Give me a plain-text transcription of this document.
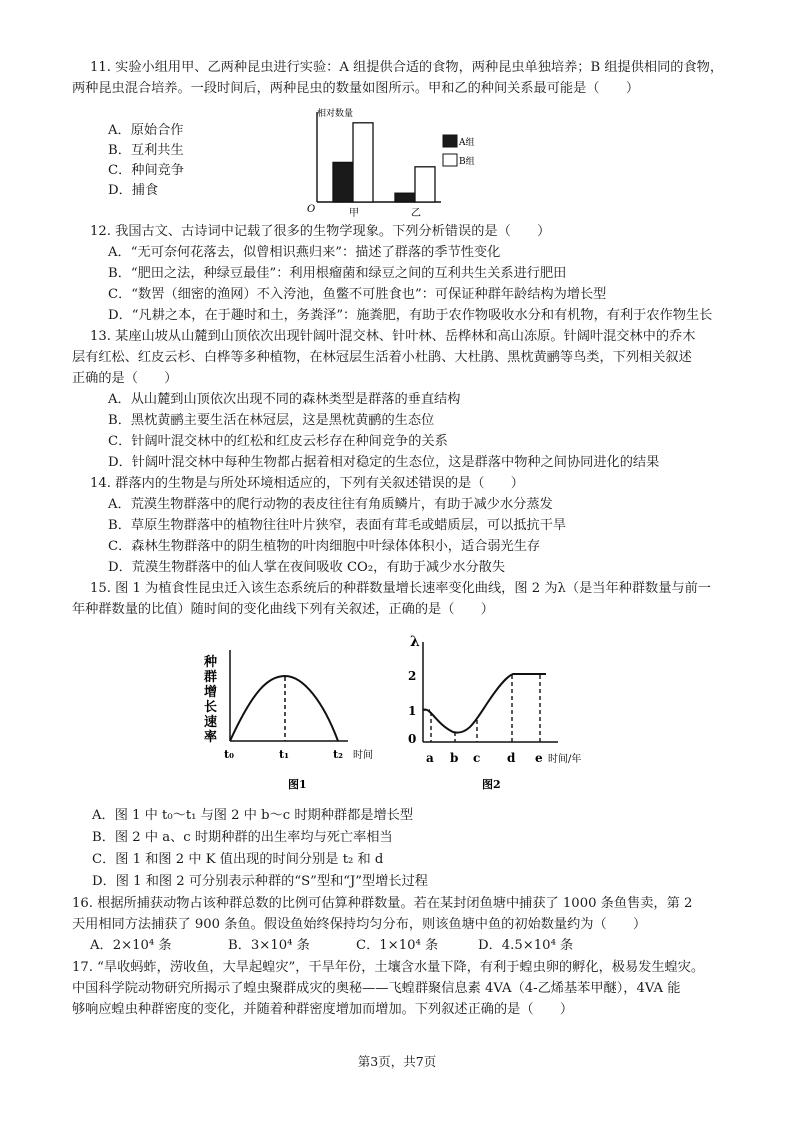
11. 实验小组用甲、乙两种昆虫进行实验：A 组提供合适的食物，两种昆虫单独培养；B 组提供相同的食物，
两种昆虫混合培养。一段时间后，两种昆虫的数量如图所示。甲和乙的种间关系最可能是（　　）
A．原始合作
B．互利共生
C．种间竞争
D．捕食
相对数量
O
A组
B组
甲	乙
12. 我国古文、古诗词中记载了很多的生物学现象。下列分析错误的是（　　）
A．“无可奈何花落去，似曾相识燕归来”：描述了群落的季节性变化
B．“肥田之法，种绿豆最佳”：利用根瘤菌和绿豆之间的互利共生关系进行肥田
C．“数罟（细密的渔网）不入洿池，鱼鳖不可胜食也”：可保证种群年龄结构为增长型
D．“凡耕之本，在于趣时和土，务粪泽”：施粪肥，有助于农作物吸收水分和有机物，有利于农作物生长
13. 某座山坡从山麓到山顶依次出现针阔叶混交林、针叶林、岳桦林和高山冻原。针阔叶混交林中的乔木
层有红松、红皮云杉、白桦等多种植物，在林冠层生活着小杜鹃、大杜鹃、黑枕黄鹂等鸟类，下列相关叙述
正确的是（　　）
A．从山麓到山顶依次出现不同的森林类型是群落的垂直结构
B．黑枕黄鹂主要生活在林冠层，这是黑枕黄鹂的生态位
C．针阔叶混交林中的红松和红皮云杉存在种间竞争的关系
D．针阔叶混交林中每种生物都占据着相对稳定的生态位，这是群落中物种之间协同进化的结果
14. 群落内的生物是与所处环境相适应的，下列有关叙述错误的是（　　）
A．荒漠生物群落中的爬行动物的表皮往往有角质鳞片，有助于减少水分蒸发
B．草原生物群落中的植物往往叶片狭窄，表面有茸毛或蜡质层，可以抵抗干旱
C．森林生物群落中的阴生植物的叶肉细胞中叶绿体体积小，适合弱光生存
D．荒漠生物群落中的仙人掌在夜间吸收 CO₂，有助于减少水分散失
15. 图 1 为植食性昆虫迁入该生态系统后的种群数量增长速率变化曲线，图 2 为λ（是当年种群数量与前一
年种群数量的比值）随时间的变化曲线下列有关叙述，正确的是（　　）
种
群
增
长
速
率
t₀	t₁	t₂ 时间
图1
λ
2
1
0
a b c d e 时间/年
图2
A．图 1 中 t₀～t₁ 与图 2 中 b～c 时期种群都是增长型
B．图 2 中 a、c 时期种群的出生率均与死亡率相当
C．图 1 和图 2 中 K 值出现的时间分别是 t₂ 和 d
D．图 1 和图 2 可分别表示种群的“S”型和“J”型增长过程
16. 根据所捕获动物占该种群总数的比例可估算种群数量。若在某封闭鱼塘中捕获了 1000 条鱼售卖，第 2
天用相同方法捕获了 900 条鱼。假设鱼始终保持均匀分布，则该鱼塘中鱼的初始数量约为（　　）
A．2×10⁴ 条	B．3×10⁴ 条	C．1×10⁴ 条	D．4.5×10⁴ 条
17. “旱收蚂蚱，涝收鱼，大旱起蝗灾”，干旱年份，土壤含水量下降，有利于蝗虫卵的孵化，极易发生蝗灾。
中国科学院动物研究所揭示了蝗虫聚群成灾的奥秘——飞蝗群聚信息素 4VA（4-乙烯基苯甲醚），4VA 能
够响应蝗虫种群密度的变化，并随着种群密度增加而增加。下列叙述正确的是（　　）
第3页，共7页
